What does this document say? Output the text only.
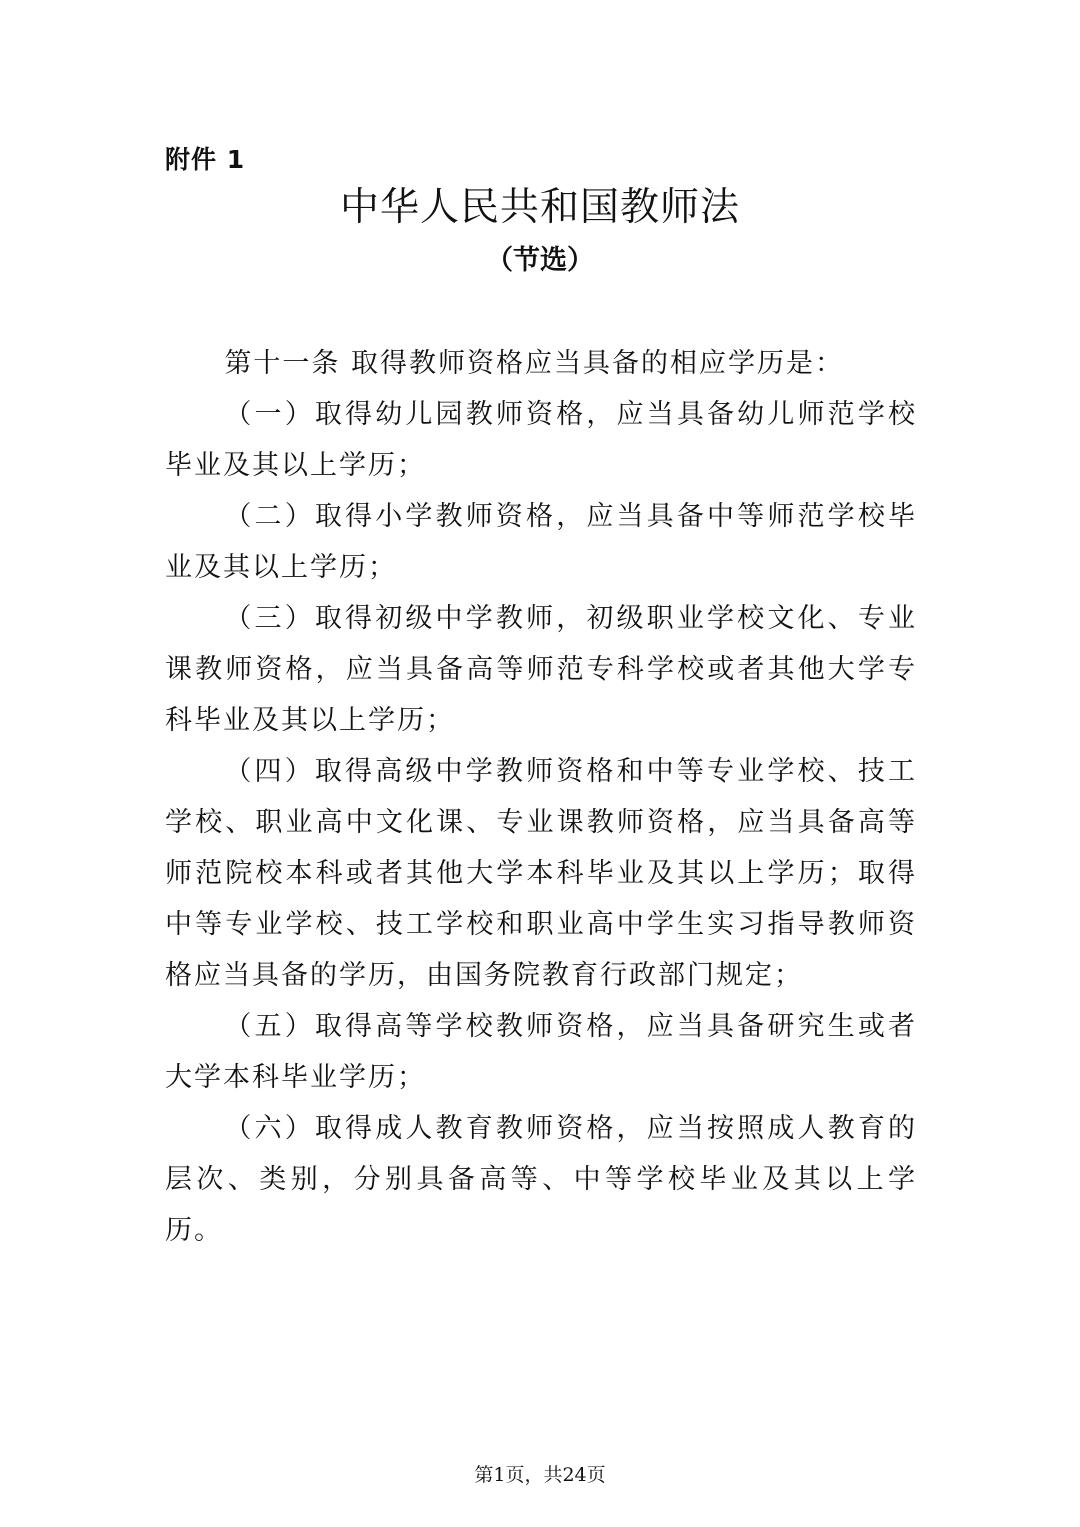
附件 1
中华人民共和国教师法
（节选）

第十一条 取得教师资格应当具备的相应学历是：

（一）取得幼儿园教师资格，应当具备幼儿师范学校毕业及其以上学历；

（二）取得小学教师资格，应当具备中等师范学校毕业及其以上学历；

（三）取得初级中学教师，初级职业学校文化、专业课教师资格，应当具备高等师范专科学校或者其他大学专科毕业及其以上学历；

（四）取得高级中学教师资格和中等专业学校、技工学校、职业高中文化课、专业课教师资格，应当具备高等师范院校本科或者其他大学本科毕业及其以上学历；取得中等专业学校、技工学校和职业高中学生实习指导教师资格应当具备的学历，由国务院教育行政部门规定；

（五）取得高等学校教师资格，应当具备研究生或者大学本科毕业学历；

（六）取得成人教育教师资格，应当按照成人教育的层次、类别，分别具备高等、中等学校毕业及其以上学历。

第1页，共24页
